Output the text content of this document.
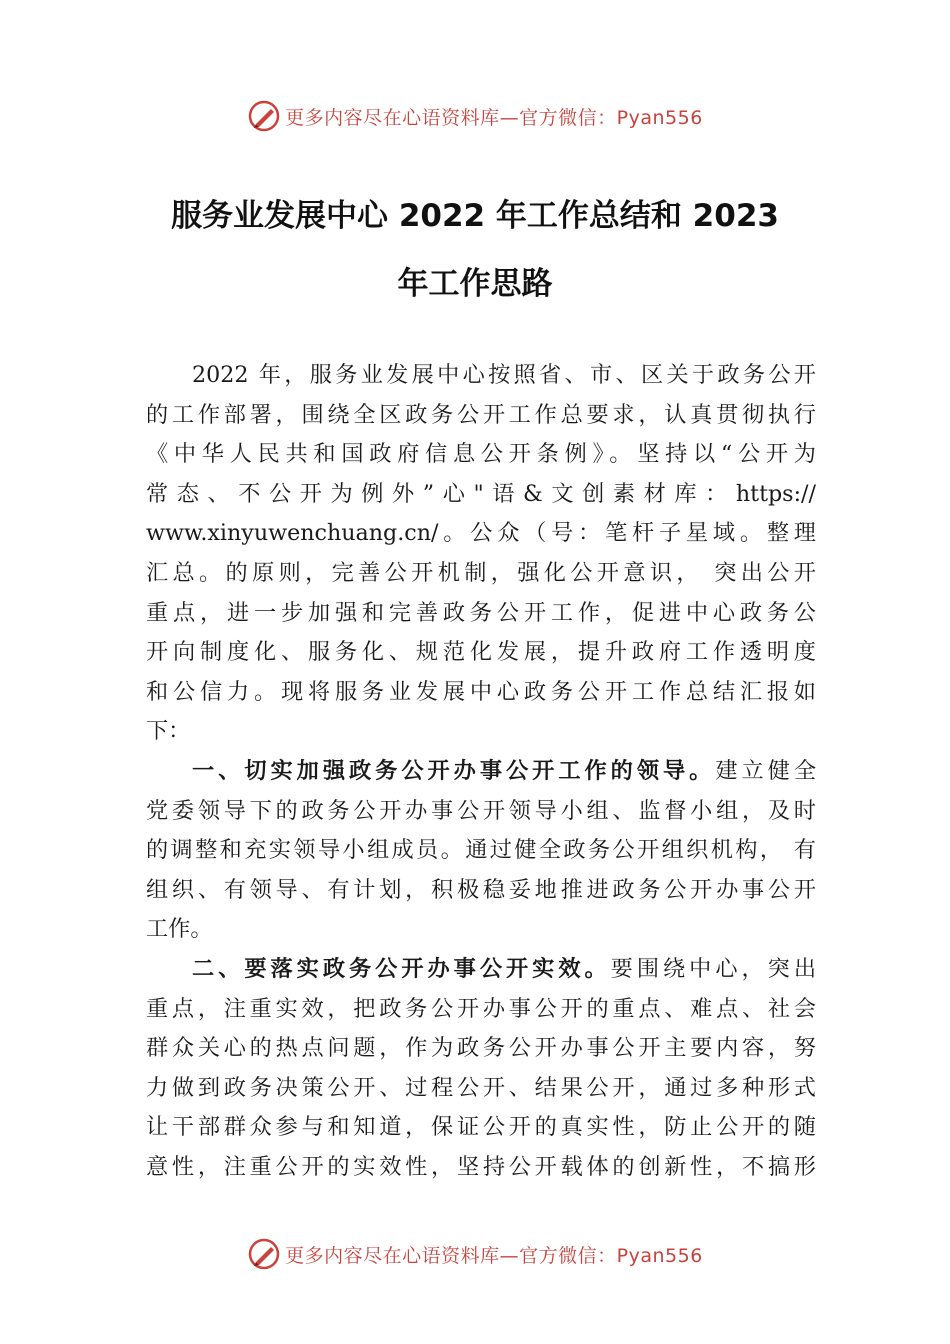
更多内容尽在心语资料库—官方微信：Pyan556
服务业发展中心 2022 年工作总结和 2023
年工作思路
2022 年，服务业发展中心按照省、市、区关于政务公开
的工作部署，围绕全区政务公开工作总要求，认真贯彻执行
《中华人民共和国政府信息公开条例》。坚持以“公开为
常态、不公开为例外”心"语&文创素材库：https://
www.xinyuwenchuang.cn/。公众（号：笔杆子星域。整理
汇总。的原则，完善公开机制，强化公开意识， 突出公开
重点，进一步加强和完善政务公开工作，促进中心政务公
开向制度化、服务化、规范化发展，提升政府工作透明度
和公信力。现将服务业发展中心政务公开工作总结汇报如
下：
一、切实加强政务公开办事公开工作的领导。建立健全
党委领导下的政务公开办事公开领导小组、监督小组，及时
的调整和充实领导小组成员。通过健全政务公开组织机构， 有
组织、有领导、有计划，积极稳妥地推进政务公开办事公开
工作。
二、要落实政务公开办事公开实效。要围绕中心，突出
重点，注重实效，把政务公开办事公开的重点、难点、社会
群众关心的热点问题，作为政务公开办事公开主要内容，努
力做到政务决策公开、过程公开、结果公开，通过多种形式
让干部群众参与和知道，保证公开的真实性，防止公开的随
意性，注重公开的实效性，坚持公开载体的创新性，不搞形
更多内容尽在心语资料库—官方微信：Pyan556
